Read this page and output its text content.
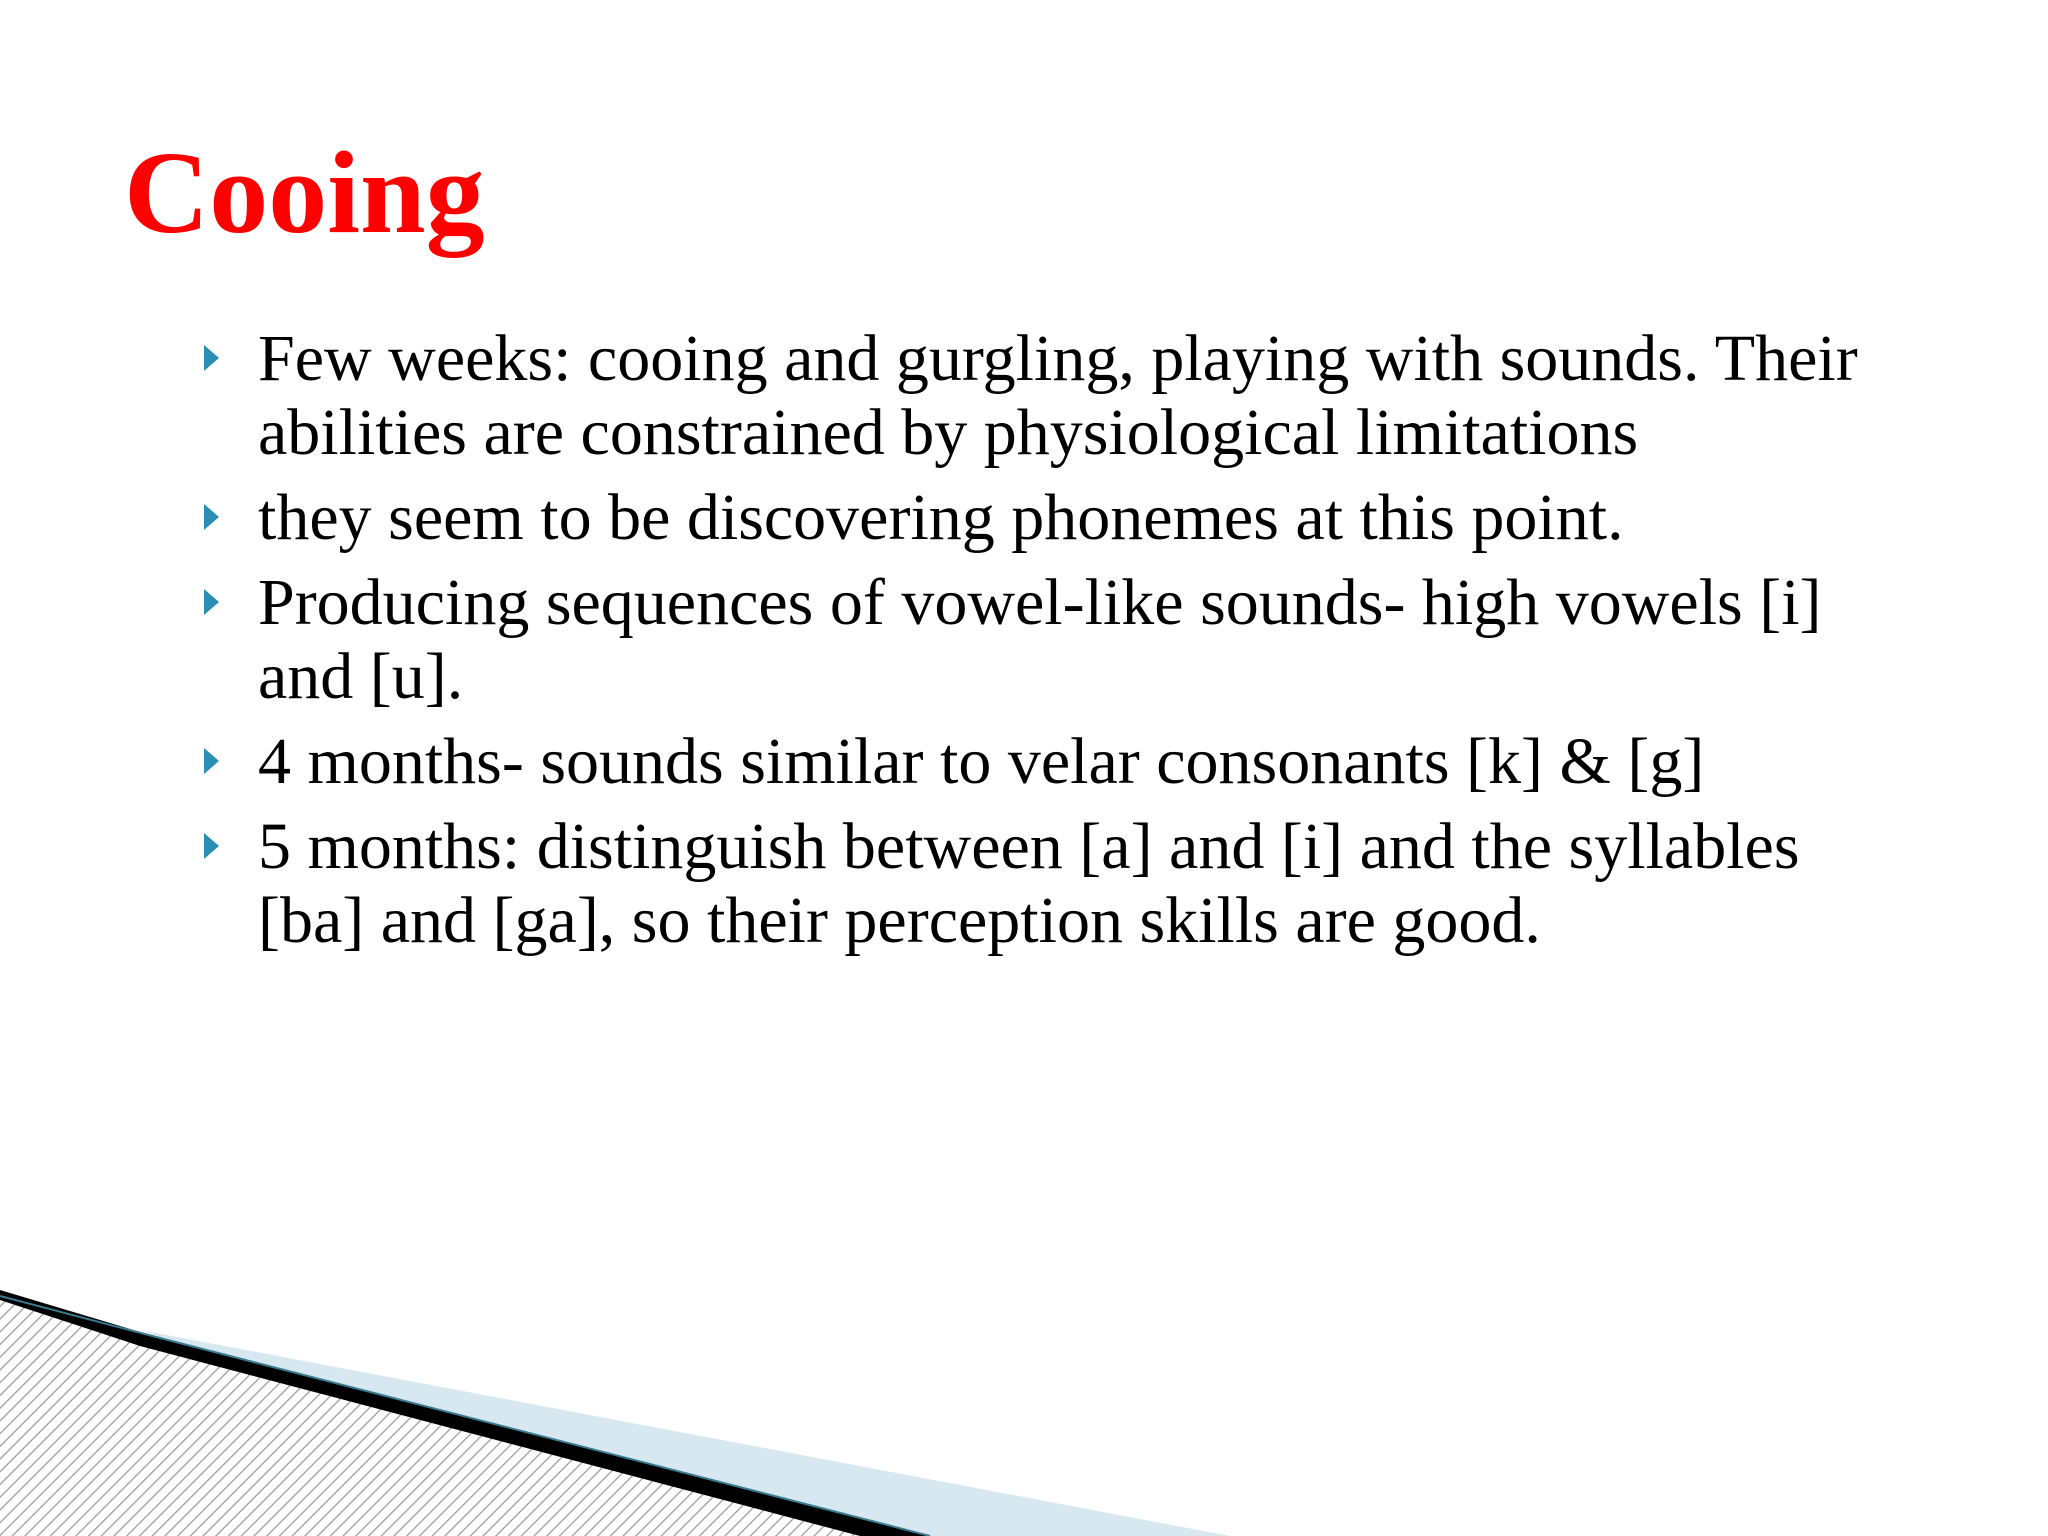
Cooing
Few weeks: cooing and gurgling, playing with sounds. Their abilities are constrained by physiological limitations
they seem to be discovering phonemes at this point.
Producing sequences of vowel-like sounds- high vowels [i] and [u].
4 months- sounds similar to velar consonants [k] & [g]
5 months: distinguish between [a] and [i] and the syllables [ba] and [ga], so their perception skills are good.
